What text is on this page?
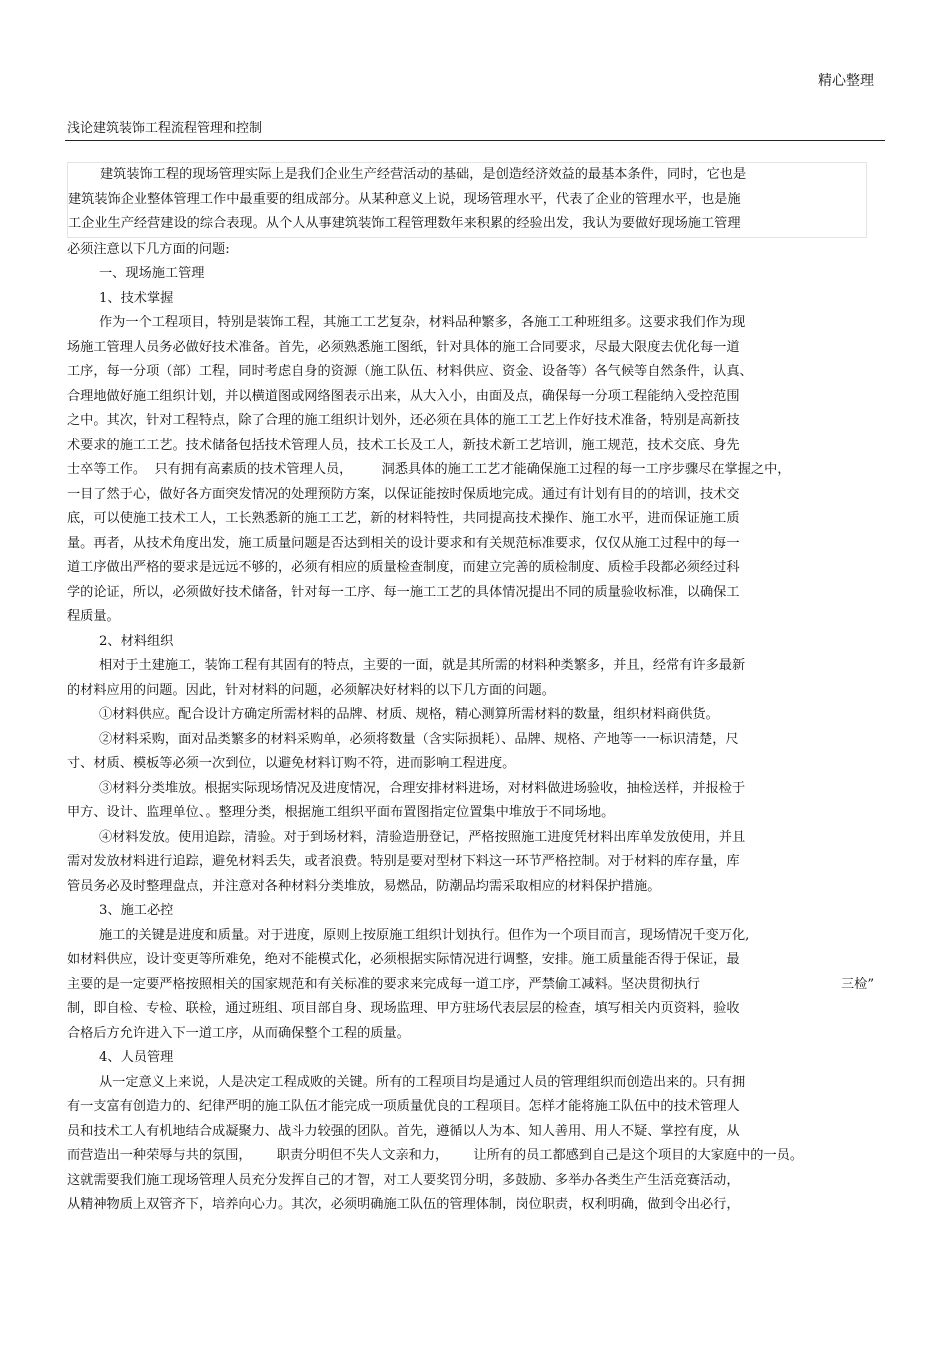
精心整理
浅论建筑装饰工程流程管理和控制
建筑装饰工程的现场管理实际上是我们企业生产经营活动的基础，是创造经济效益的最基本条件，同时，它也是
建筑装饰企业整体管理工作中最重要的组成部分。从某种意义上说，现场管理水平，代表了企业的管理水平，也是施
工企业生产经营建设的综合表现。从个人从事建筑装饰工程管理数年来积累的经验出发，我认为要做好现场施工管理
必须注意以下几方面的问题:
一、现场施工管理
1、技术掌握
作为一个工程项目，特别是装饰工程，其施工工艺复杂，材料品种繁多，各施工工种班组多。这要求我们作为现
场施工管理人员务必做好技术准备。首先，必须熟悉施工图纸，针对具体的施工合同要求，尽最大限度去优化每一道
工序，每一分项（部）工程，同时考虑自身的资源（施工队伍、材料供应、资金、设备等）各气候等自然条件，认真、
合理地做好施工组织计划，并以横道图或网络图表示出来，从大入小，由面及点，确保每一分项工程能纳入受控范围
之中。其次，针对工程特点，除了合理的施工组织计划外，还必须在具体的施工工艺上作好技术准备，特别是高新技
术要求的施工工艺。技术储备包括技术管理人员，技术工长及工人，新技术新工艺培训，施工规范，技术交底、身先
士卒等工作。  只有拥有高素质的技术管理人员，       洞悉具体的施工工艺才能确保施工过程的每一工序步骤尽在掌握之中，
一目了然于心，做好各方面突发情况的处理预防方案，以保证能按时保质地完成。通过有计划有目的的培训，技术交
底，可以使施工技术工人，工长熟悉新的施工工艺，新的材料特性，共同提高技术操作、施工水平，进而保证施工质
量。再者，从技术角度出发，施工质量问题是否达到相关的设计要求和有关规范标准要求，仅仅从施工过程中的每一
道工序做出严格的要求是远远不够的，必须有相应的质量检查制度，而建立完善的质检制度、质检手段都必须经过科
学的论证，所以，必须做好技术储备，针对每一工序、每一施工工艺的具体情况提出不同的质量验收标准，以确保工
程质量。
2、材料组织
相对于土建施工，装饰工程有其固有的特点，主要的一面，就是其所需的材料种类繁多，并且，经常有许多最新
的材料应用的问题。因此，针对材料的问题，必须解决好材料的以下几方面的问题。
①材料供应。配合设计方确定所需材料的品牌、材质、规格，精心测算所需材料的数量，组织材料商供货。
②材料采购，面对品类繁多的材料采购单，必须将数量（含实际损耗）、品牌、规格、产地等一一标识清楚，尺
寸、材质、模板等必须一次到位，以避免材料订购不符，进而影响工程进度。
③材料分类堆放。根据实际现场情况及进度情况，合理安排材料进场，对材料做进场验收，抽检送样，并报检于
甲方、设计、监理单位、。整理分类，根据施工组织平面布置图指定位置集中堆放于不同场地。
④材料发放。使用追踪，清验。对于到场材料，清验造册登记，严格按照施工进度凭材料出库单发放使用，并且
需对发放材料进行追踪，避免材料丢失，或者浪费。特别是要对型材下料这一环节严格控制。对于材料的库存量，库
管员务必及时整理盘点，并注意对各种材料分类堆放，易燃品，防潮品均需采取相应的材料保护措施。
3、施工必控
施工的关键是进度和质量。对于进度，原则上按原施工组织计划执行。但作为一个项目而言，现场情况千变万化,
如材料供应，设计变更等所难免，绝对不能模式化，必须根据实际情况进行调整，安排。施工质量能否得于保证，最
主要的是一定要严格按照相关的国家规范和有关标准的要求来完成每一道工序，严禁偷工减料。坚决贯彻执行	三检”
制，即自检、专检、联检，通过班组、项目部自身、现场监理、甲方驻场代表层层的检查，填写相关内页资料，验收
合格后方允许进入下一道工序，从而确保整个工程的质量。
4、人员管理
从一定意义上来说，人是决定工程成败的关键。所有的工程项目均是通过人员的管理组织而创造出来的。只有拥
有一支富有创造力的、纪律严明的施工队伍才能完成一项质量优良的工程项目。怎样才能将施工队伍中的技术管理人
员和技术工人有机地结合成凝聚力、战斗力较强的团队。首先，遵循以人为本、知人善用、用人不疑、掌控有度，从
而营造出一种荣辱与共的氛围，      职责分明但不失人文亲和力，      让所有的员工都感到自己是这个项目的大家庭中的一员。
这就需要我们施工现场管理人员充分发挥自己的才智，对工人要奖罚分明，多鼓励、多举办各类生产生活竞赛活动，
从精神物质上双管齐下，培养向心力。其次，必须明确施工队伍的管理体制，岗位职责，权利明确，做到令出必行，
